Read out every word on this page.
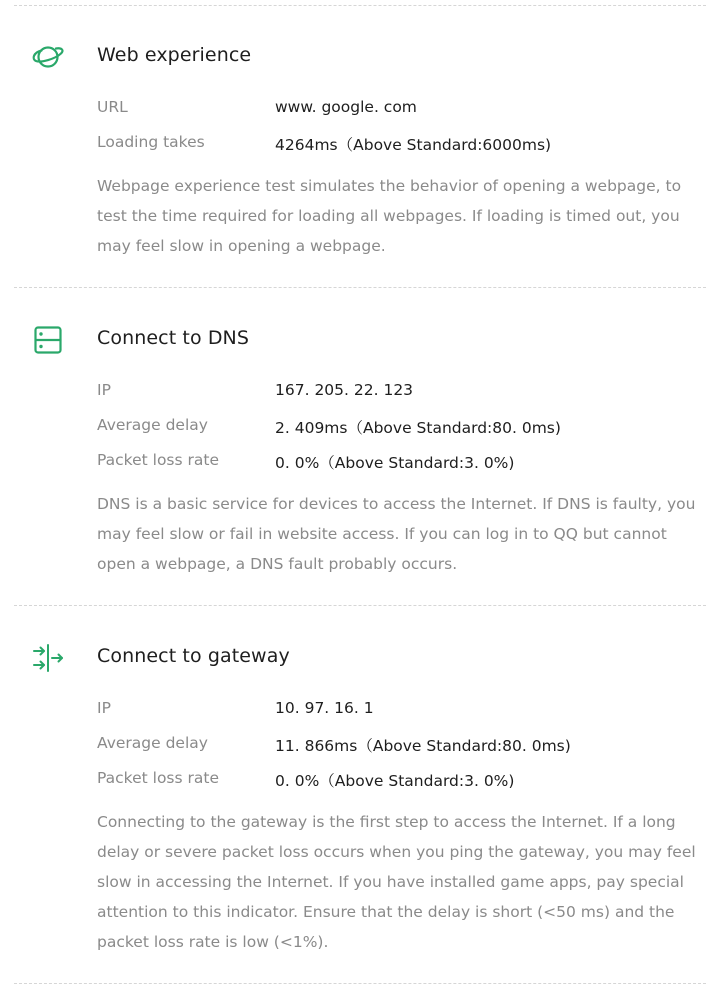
Web experience
URL	www. google. com
Loading takes	4264ms（Above Standard:6000ms)

Webpage experience test simulates the behavior of opening a webpage, to test the time required for loading all webpages. If loading is timed out, you may feel slow in opening a webpage.

Connect to DNS
IP	167. 205. 22. 123
Average delay	2. 409ms（Above Standard:80. 0ms)
Packet loss rate	0. 0%（Above Standard:3. 0%)

DNS is a basic service for devices to access the Internet. If DNS is faulty, you may feel slow or fail in website access. If you can log in to QQ but cannot open a webpage, a DNS fault probably occurs.

Connect to gateway
IP	10. 97. 16. 1
Average delay	11. 866ms（Above Standard:80. 0ms)
Packet loss rate	0. 0%（Above Standard:3. 0%)

Connecting to the gateway is the first step to access the Internet. If a long delay or severe packet loss occurs when you ping the gateway, you may feel slow in accessing the Internet. If you have installed game apps, pay special attention to this indicator. Ensure that the delay is short (<50 ms) and the packet loss rate is low (<1%).
